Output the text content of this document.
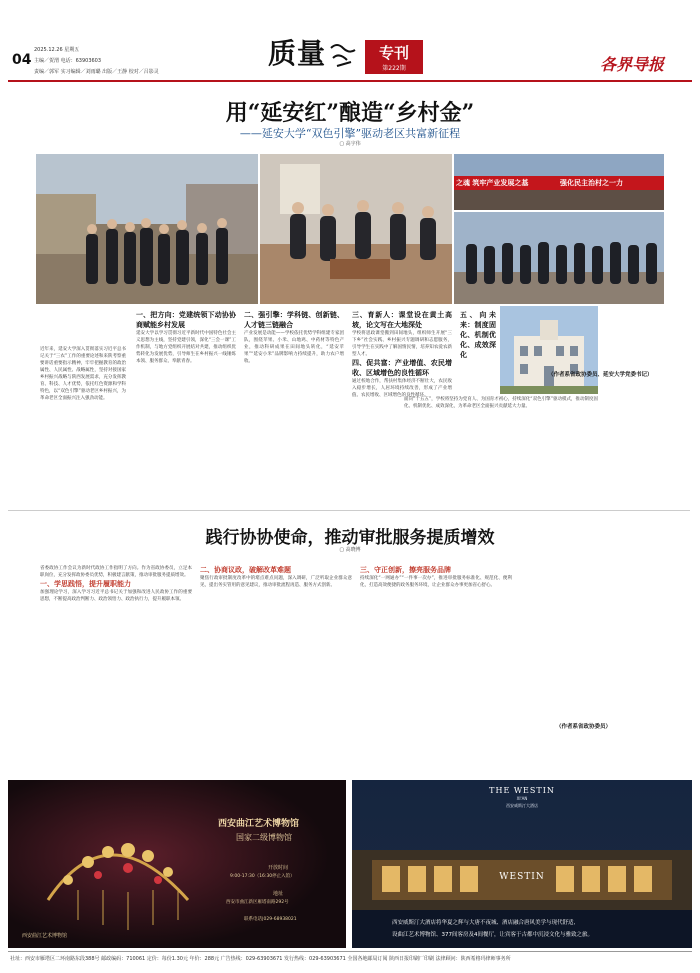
2025.12.26 星期五
04 主编／贺渭 电话：63903603
责编／郭军 实习编辑／刘雨璐 出版／王静 校对／吕影灵
质量	专刊
第222期	各界导报
用“延安红”酿造“乡村金”
——延安大学“双色引擎”驱动老区共富新征程
▢ 高宇伟
之魂 筑牢产业发展之基	强化民主治村之一力
近年来，延安大学深入贯彻落实习近平总书记关于“三农”工作的重要论述和来陕考察重要讲话重要指示精神，牢牢把握教育的政治属性、人民属性、战略属性，坚持对接国家乡村振兴战略与陕西发展需求，充分发挥教育、科技、人才优势，依托红色资源和学科特色，以“双色引擎”驱动老区乡村振兴，为革命老区全面振兴注入强劲动能。
一、把方向：党建统领下动协协商赋能乡村发展
延安大学以学习贯彻习近平新时代中国特色社会主义思想为主线，坚持党建引领，深化“三会一课”工作机制，与地方党组织开展结对共建，推动组织优势转化为发展优势，引导师生在乡村振兴一线锤炼本领、服务群众、奉献青春。
二、强引擎：学科链、创新链、人才链三链融合
产业发展是动能——学校依托优势学科组建专家团队，围绕苹果、小米、山地鸡、中药材等特色产业，推动科研成果在田间地头转化，“延安苹果”“延安小米”品牌影响力持续提升，助力农户增收。
三、育新人：课堂设在黄土高坡，论文写在大地深处
学校将思政课堂搬到田间地头，组织师生开展“三下乡”社会实践、乡村振兴专题调研和志愿服务，引导学生在实践中了解国情民情，培养知农爱农新型人才。
四、促共富：产业增值、农民增收、区域增色的良性循环
通过校地合作，帮扶村集体经济不断壮大，农民收入稳步增长，人居环境持续改善，形成了产业增值、农民增收、区域增色的良性循环。
五、向未来：制度固化、机制优化、成效深化
面向“十五五”，学校将坚持为党育人、为国育才初心，持续深化“双色引擎”驱动模式，推动制度固化、机制优化、成效深化，为革命老区全面振兴贡献延大力量。
（作者系省政协委员、延安大学党委书记）
践行协协使命，推动审批服务提质增效
▢ 高晓博
省委政协工作会议为新时代政协工作指明了方向。作为省政协委员，立足本职岗位，充分发挥政协委员优势，积极建言献策，推动审批服务提质增效。
一、学思践悟，提升履职能力
加强理论学习，深入学习习近平总书记关于加强和改进人民政协工作的重要思想，不断提高政治判断力、政治领悟力、政治执行力，提升履职本领。
二、协商议政，破解改革难题
聚焦行政审批制度改革中的堵点难点问题，深入调研，广泛听取企业群众意见，提出务实管用的意见建议，推动审批流程再造、服务方式创新。
三、守正创新，擦亮服务品牌
持续深化“一网通办”“一件事一次办”，推进审批服务标准化、规范化、便利化，打造高效便捷的政务服务环境，让企业群众办事更加省心舒心。
（作者系省政协委员）
西安曲江艺术博物馆
国家二级博物馆
开放时间
9:00-17:30（16:30停止入馆）
地址
西安市曲江新区雁塔南路292号
联系电话|029-68938021
西安曲江艺术博物馆
THE WESTIN
XI'AN
西安威斯汀大酒店
WESTIN
西安威斯汀大酒店将华夏之辉与大唐不夜城、酒店融合唐风美学与现代舒适,
设曲江艺术博物馆、377间客房及4间餐厅，让宾客于古都中沉浸文化与雅致之旅。
社址：西安市雁塔区二环南路东段388号 邮政编码：710061 定价：每份1.30元 年价：288元 广告热线：029-63903671 发行热线：029-63903671 全国各地邮局订阅 陕西日报印刷厂印刷 法律顾问：陕西希格玛律师事务所
